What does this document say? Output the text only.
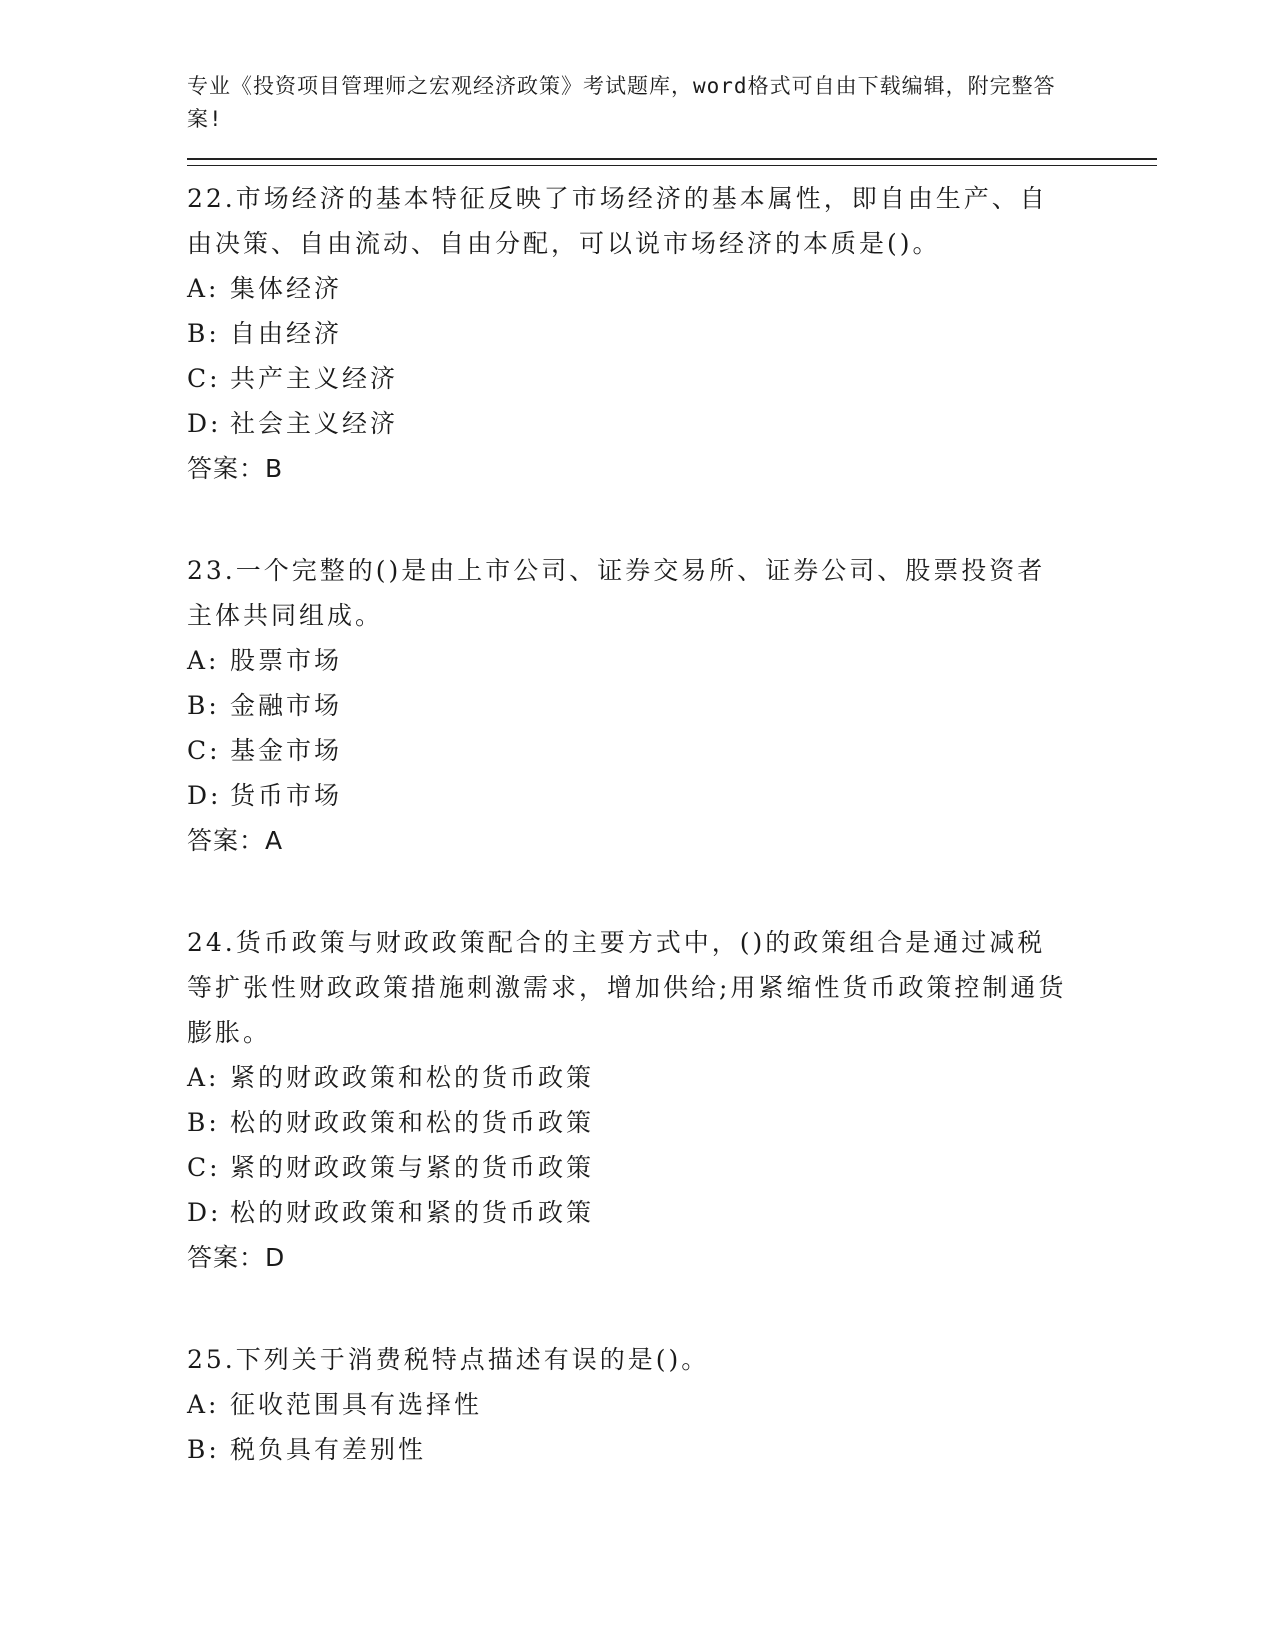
专业《投资项目管理师之宏观经济政策》考试题库，word格式可自由下载编辑，附完整答案!

22.市场经济的基本特征反映了市场经济的基本属性，即自由生产、自由决策、自由流动、自由分配，可以说市场经济的本质是()。

A: 集体经济
B: 自由经济
C: 共产主义经济
D: 社会主义经济
答案：B

23.一个完整的()是由上市公司、证券交易所、证券公司、股票投资者主体共同组成。

A: 股票市场
B: 金融市场
C: 基金市场
D: 货币市场
答案：A

24.货币政策与财政政策配合的主要方式中，()的政策组合是通过减税等扩张性财政政策措施刺激需求，增加供给;用紧缩性货币政策控制通货膨胀。

A: 紧的财政政策和松的货币政策
B: 松的财政政策和松的货币政策
C: 紧的财政政策与紧的货币政策
D: 松的财政政策和紧的货币政策
答案：D

25.下列关于消费税特点描述有误的是()。

A: 征收范围具有选择性
B: 税负具有差别性
